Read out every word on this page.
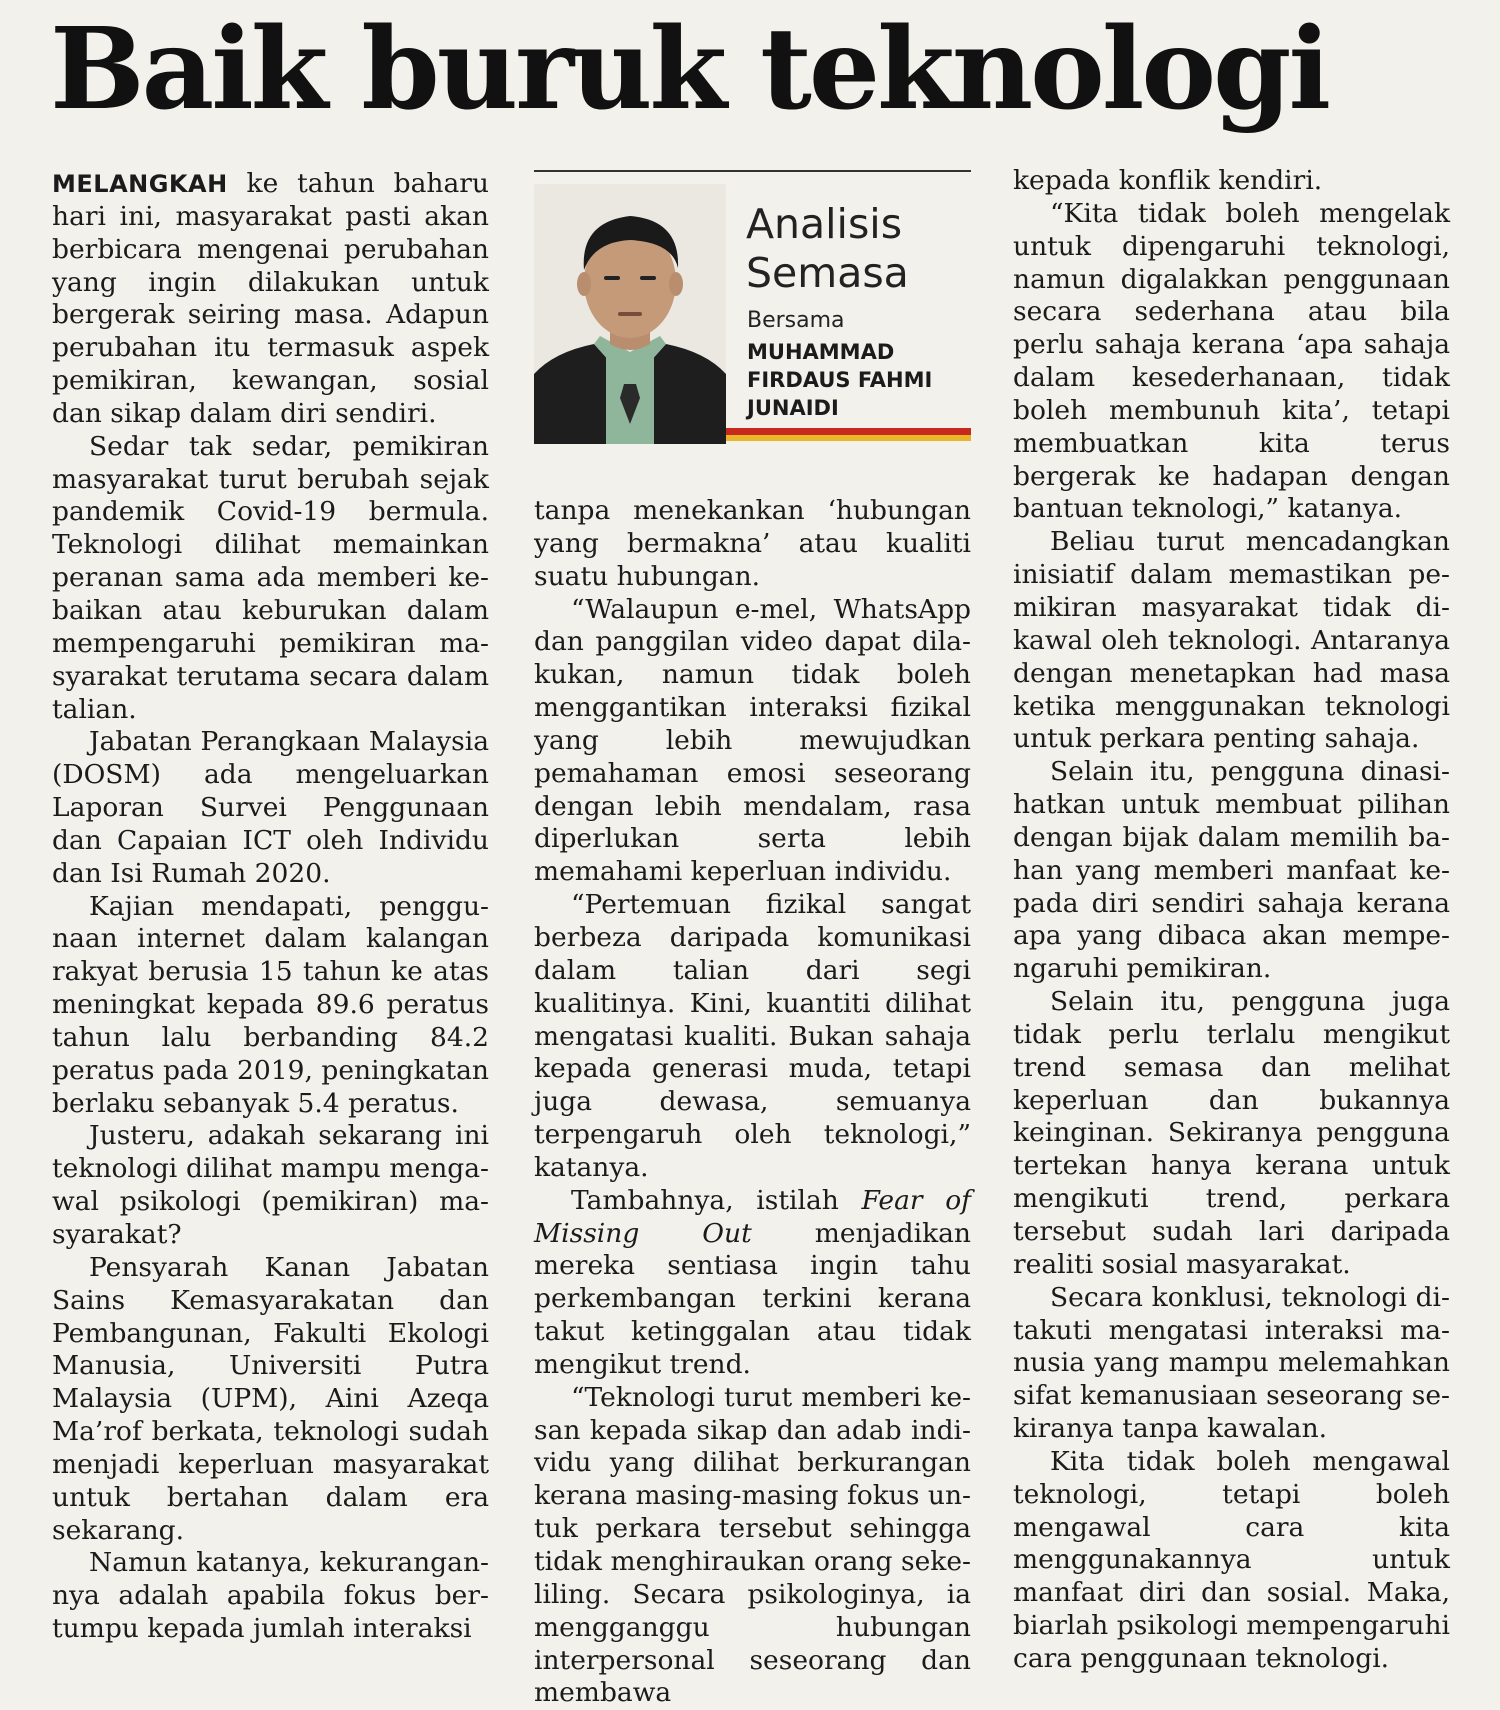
Baik buruk teknologi

MELANGKAH ke tahun baharu hari ini, masyarakat pasti akan berbicara mengenai perubahan yang ingin dilakukan untuk bergerak seiring masa. Adapun perubahan itu termasuk aspek pemikiran, kewangan, sosial dan sikap dalam diri sendiri.

Sedar tak sedar, pemikiran masyarakat turut berubah sejak pandemik Covid-19 bermula. Teknologi dilihat memainkan peranan sama ada memberi kebaikan atau keburukan dalam mempengaruhi pemikiran masyarakat terutama secara dalam talian.

Jabatan Perangkaan Malaysia (DOSM) ada mengeluarkan Laporan Survei Penggunaan dan Capaian ICT oleh Individu dan Isi Rumah 2020.

Kajian mendapati, penggunaan internet dalam kalangan rakyat berusia 15 tahun ke atas meningkat kepada 89.6 peratus tahun lalu berbanding 84.2 peratus pada 2019, peningkatan berlaku sebanyak 5.4 peratus.

Justeru, adakah sekarang ini teknologi dilihat mampu mengawal psikologi (pemikiran) masyarakat?

Pensyarah Kanan Jabatan Sains Kemasyarakatan dan Pembangunan, Fakulti Ekologi Manusia, Universiti Putra Malaysia (UPM), Aini Azeqa Ma’rof berkata, teknologi sudah menjadi keperluan masyarakat untuk bertahan dalam era sekarang.

Namun katanya, kekurangannya adalah apabila fokus bertumpu kepada jumlah interaksi

Analisis
Semasa
Bersama
MUHAMMAD
FIRDAUS FAHMI
JUNAIDI

tanpa menekankan ‘hubungan yang bermakna’ atau kualiti suatu hubungan.

“Walaupun e-mel, WhatsApp dan panggilan video dapat dilakukan, namun tidak boleh menggantikan interaksi fizikal yang lebih mewujudkan pemahaman emosi seseorang dengan lebih mendalam, rasa diperlukan serta lebih memahami keperluan individu.

“Pertemuan fizikal sangat berbeza daripada komunikasi dalam talian dari segi kualitinya. Kini, kuantiti dilihat mengatasi kualiti. Bukan sahaja kepada generasi muda, tetapi juga dewasa, semuanya terpengaruh oleh teknologi,” katanya.

Tambahnya, istilah Fear of Missing Out menjadikan mereka sentiasa ingin tahu perkembangan terkini kerana takut ketinggalan atau tidak mengikut trend.

“Teknologi turut memberi kesan kepada sikap dan adab individu yang dilihat berkurangan kerana masing-masing fokus untuk perkara tersebut sehingga tidak menghiraukan orang sekeliling. Secara psikologinya, ia mengganggu hubungan interpersonal seseorang dan membawa

kepada konflik kendiri.

“Kita tidak boleh mengelak untuk dipengaruhi teknologi, namun digalakkan penggunaan secara sederhana atau bila perlu sahaja kerana ‘apa sahaja dalam kesederhanaan, tidak boleh membunuh kita’, tetapi membuatkan kita terus bergerak ke hadapan dengan bantuan teknologi,” katanya.

Beliau turut mencadangkan inisiatif dalam memastikan pemikiran masyarakat tidak dikawal oleh teknologi. Antaranya dengan menetapkan had masa ketika menggunakan teknologi untuk perkara penting sahaja.

Selain itu, pengguna dinasihatkan untuk membuat pilihan dengan bijak dalam memilih bahan yang memberi manfaat kepada diri sendiri sahaja kerana apa yang dibaca akan mempengaruhi pemikiran.

Selain itu, pengguna juga tidak perlu terlalu mengikut trend semasa dan melihat keperluan dan bukannya keinginan. Sekiranya pengguna tertekan hanya kerana untuk mengikuti trend, perkara tersebut sudah lari daripada realiti sosial masyarakat.

Secara konklusi, teknologi ditakuti mengatasi interaksi manusia yang mampu melemahkan sifat kemanusiaan seseorang sekiranya tanpa kawalan.

Kita tidak boleh mengawal teknologi, tetapi boleh mengawal cara kita menggunakannya untuk manfaat diri dan sosial. Maka, biarlah psikologi mempengaruhi cara penggunaan teknologi.
